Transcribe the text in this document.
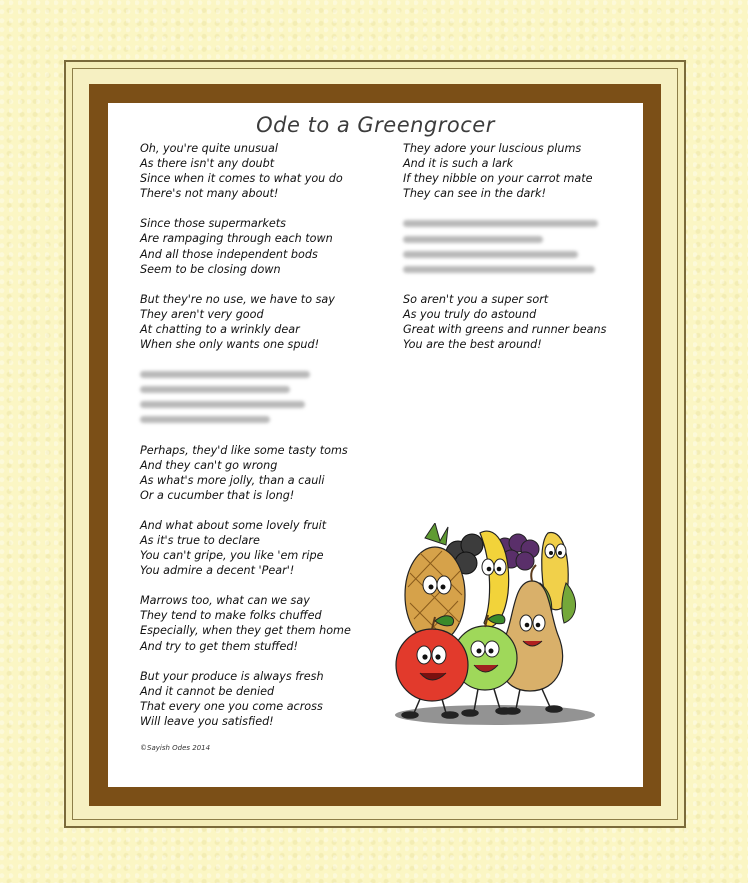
Ode to a Greengrocer
Oh, you're quite unusual
As there isn't any doubt
Since when it comes to what you do
There's not many about!
Since those supermarkets
Are rampaging through each town
And all those independent bods
Seem to be closing down
But they're no use, we have to say
They aren't very good
At chatting to a wrinkly dear
When she only wants one spud!
Perhaps, they'd like some tasty toms
And they can't go wrong
As what's more jolly, than a cauli
Or a cucumber that is long!
And what about some lovely fruit
As it's true to declare
You can't gripe, you like 'em ripe
You admire a decent 'Pear'!
Marrows too, what can we say
They tend to make folks chuffed
Especially, when they get them home
And try to get them stuffed!
But your produce is always fresh
And it cannot be denied
That every one you come across
Will leave you satisfied!
They adore your luscious plums
And it is such a lark
If they nibble on your carrot mate
They can see in the dark!
So aren't you a super sort
As you truly do astound
Great with greens and runner beans
You are the best around!
©Sayish Odes 2014
